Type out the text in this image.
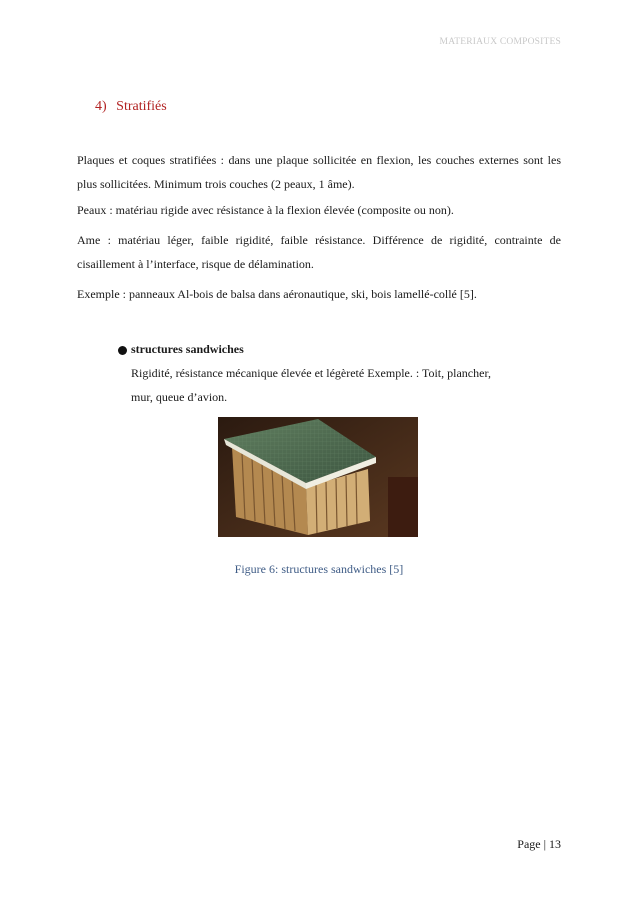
MATERIAUX COMPOSITES
4) Stratifiés
Plaques et coques stratifiées : dans une plaque sollicitée en flexion, les couches externes sont les plus sollicitées. Minimum trois couches (2 peaux, 1 âme).
Peaux : matériau rigide avec résistance à la flexion élevée (composite ou non).
Ame : matériau léger, faible rigidité, faible résistance. Différence de rigidité, contrainte de cisaillement à l’interface, risque de délamination.
Exemple : panneaux Al-bois de balsa dans aéronautique, ski, bois lamellé-collé [5].
structures sandwiches
Rigidité, résistance mécanique élevée et légèreté Exemple. : Toit, plancher, mur, queue d’avion.
Figure 6: structures sandwiches [5]
Page | 13
